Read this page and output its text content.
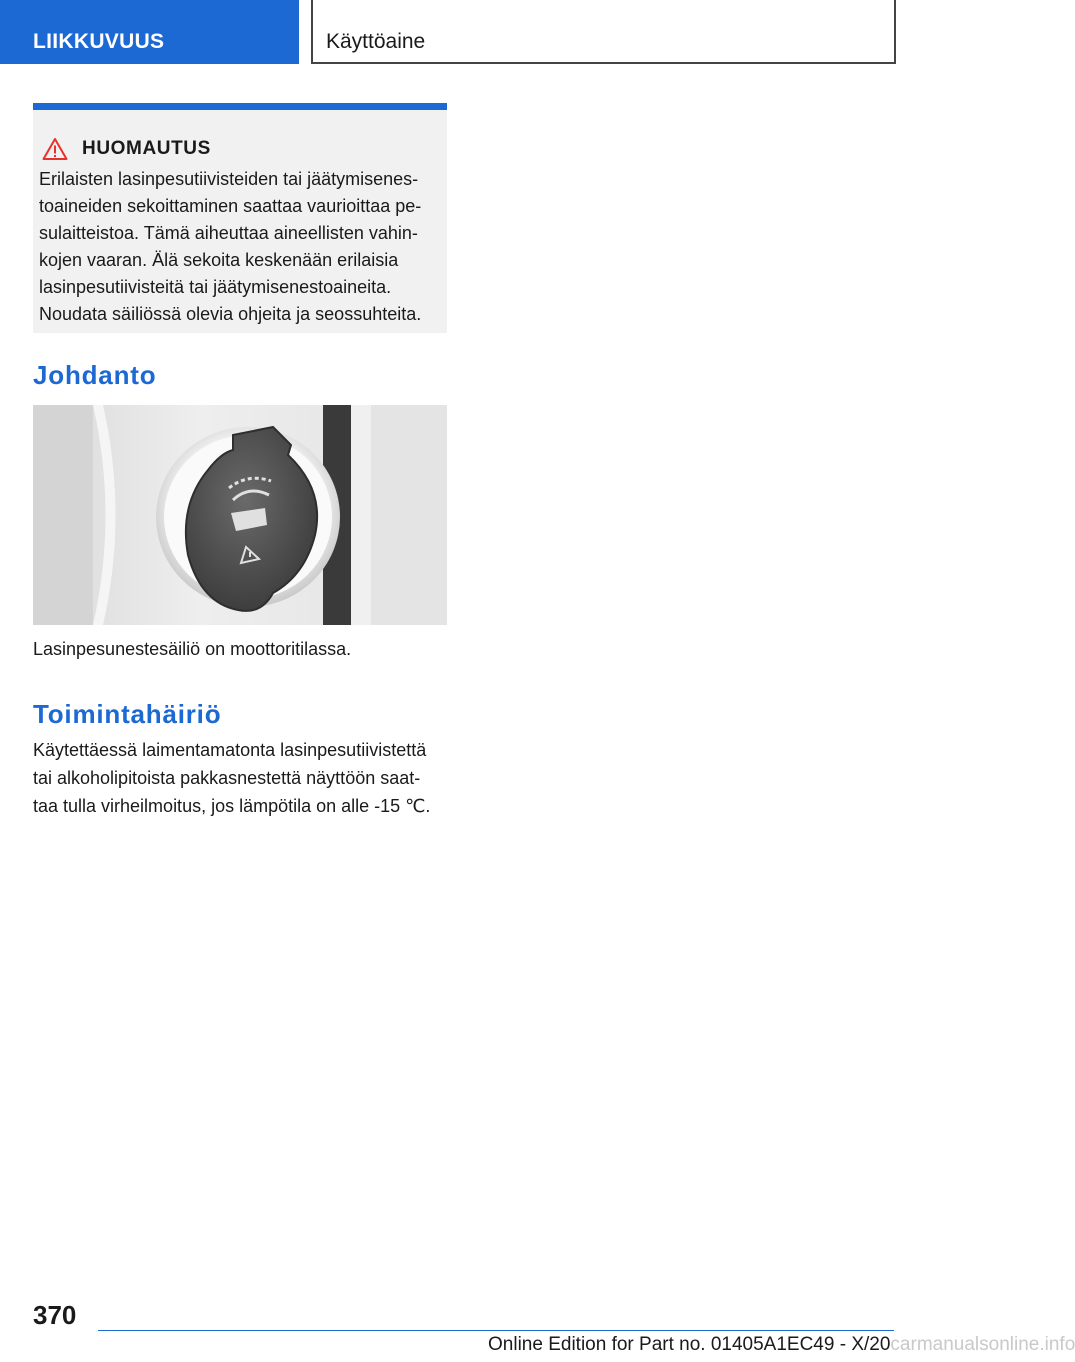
LIIKKUVUUS	Käyttöaine
HUOMAUTUS
Erilaisten lasinpesutiivisteiden tai jäätymisenes-
toaineiden sekoittaminen saattaa vaurioittaa pe-
sulaitteistoa. Tämä aiheuttaa aineellisten vahin-
kojen vaaran. Älä sekoita keskenään erilaisia
lasinpesutiivisteitä tai jäätymisenestoaineita.
Noudata säiliössä olevia ohjeita ja seossuhteita.
Johdanto
Lasinpesunestesäiliö on moottoritilassa.
Toimintahäiriö
Käytettäessä laimentamatonta lasinpesutiivistettä
tai alkoholipitoista pakkasnestettä näyttöön saat-
taa tulla virheilmoitus, jos lämpötila on alle -15 ℃.
370
Online Edition for Part no. 01405A1EC49 - X/20carmanualsonline.info
